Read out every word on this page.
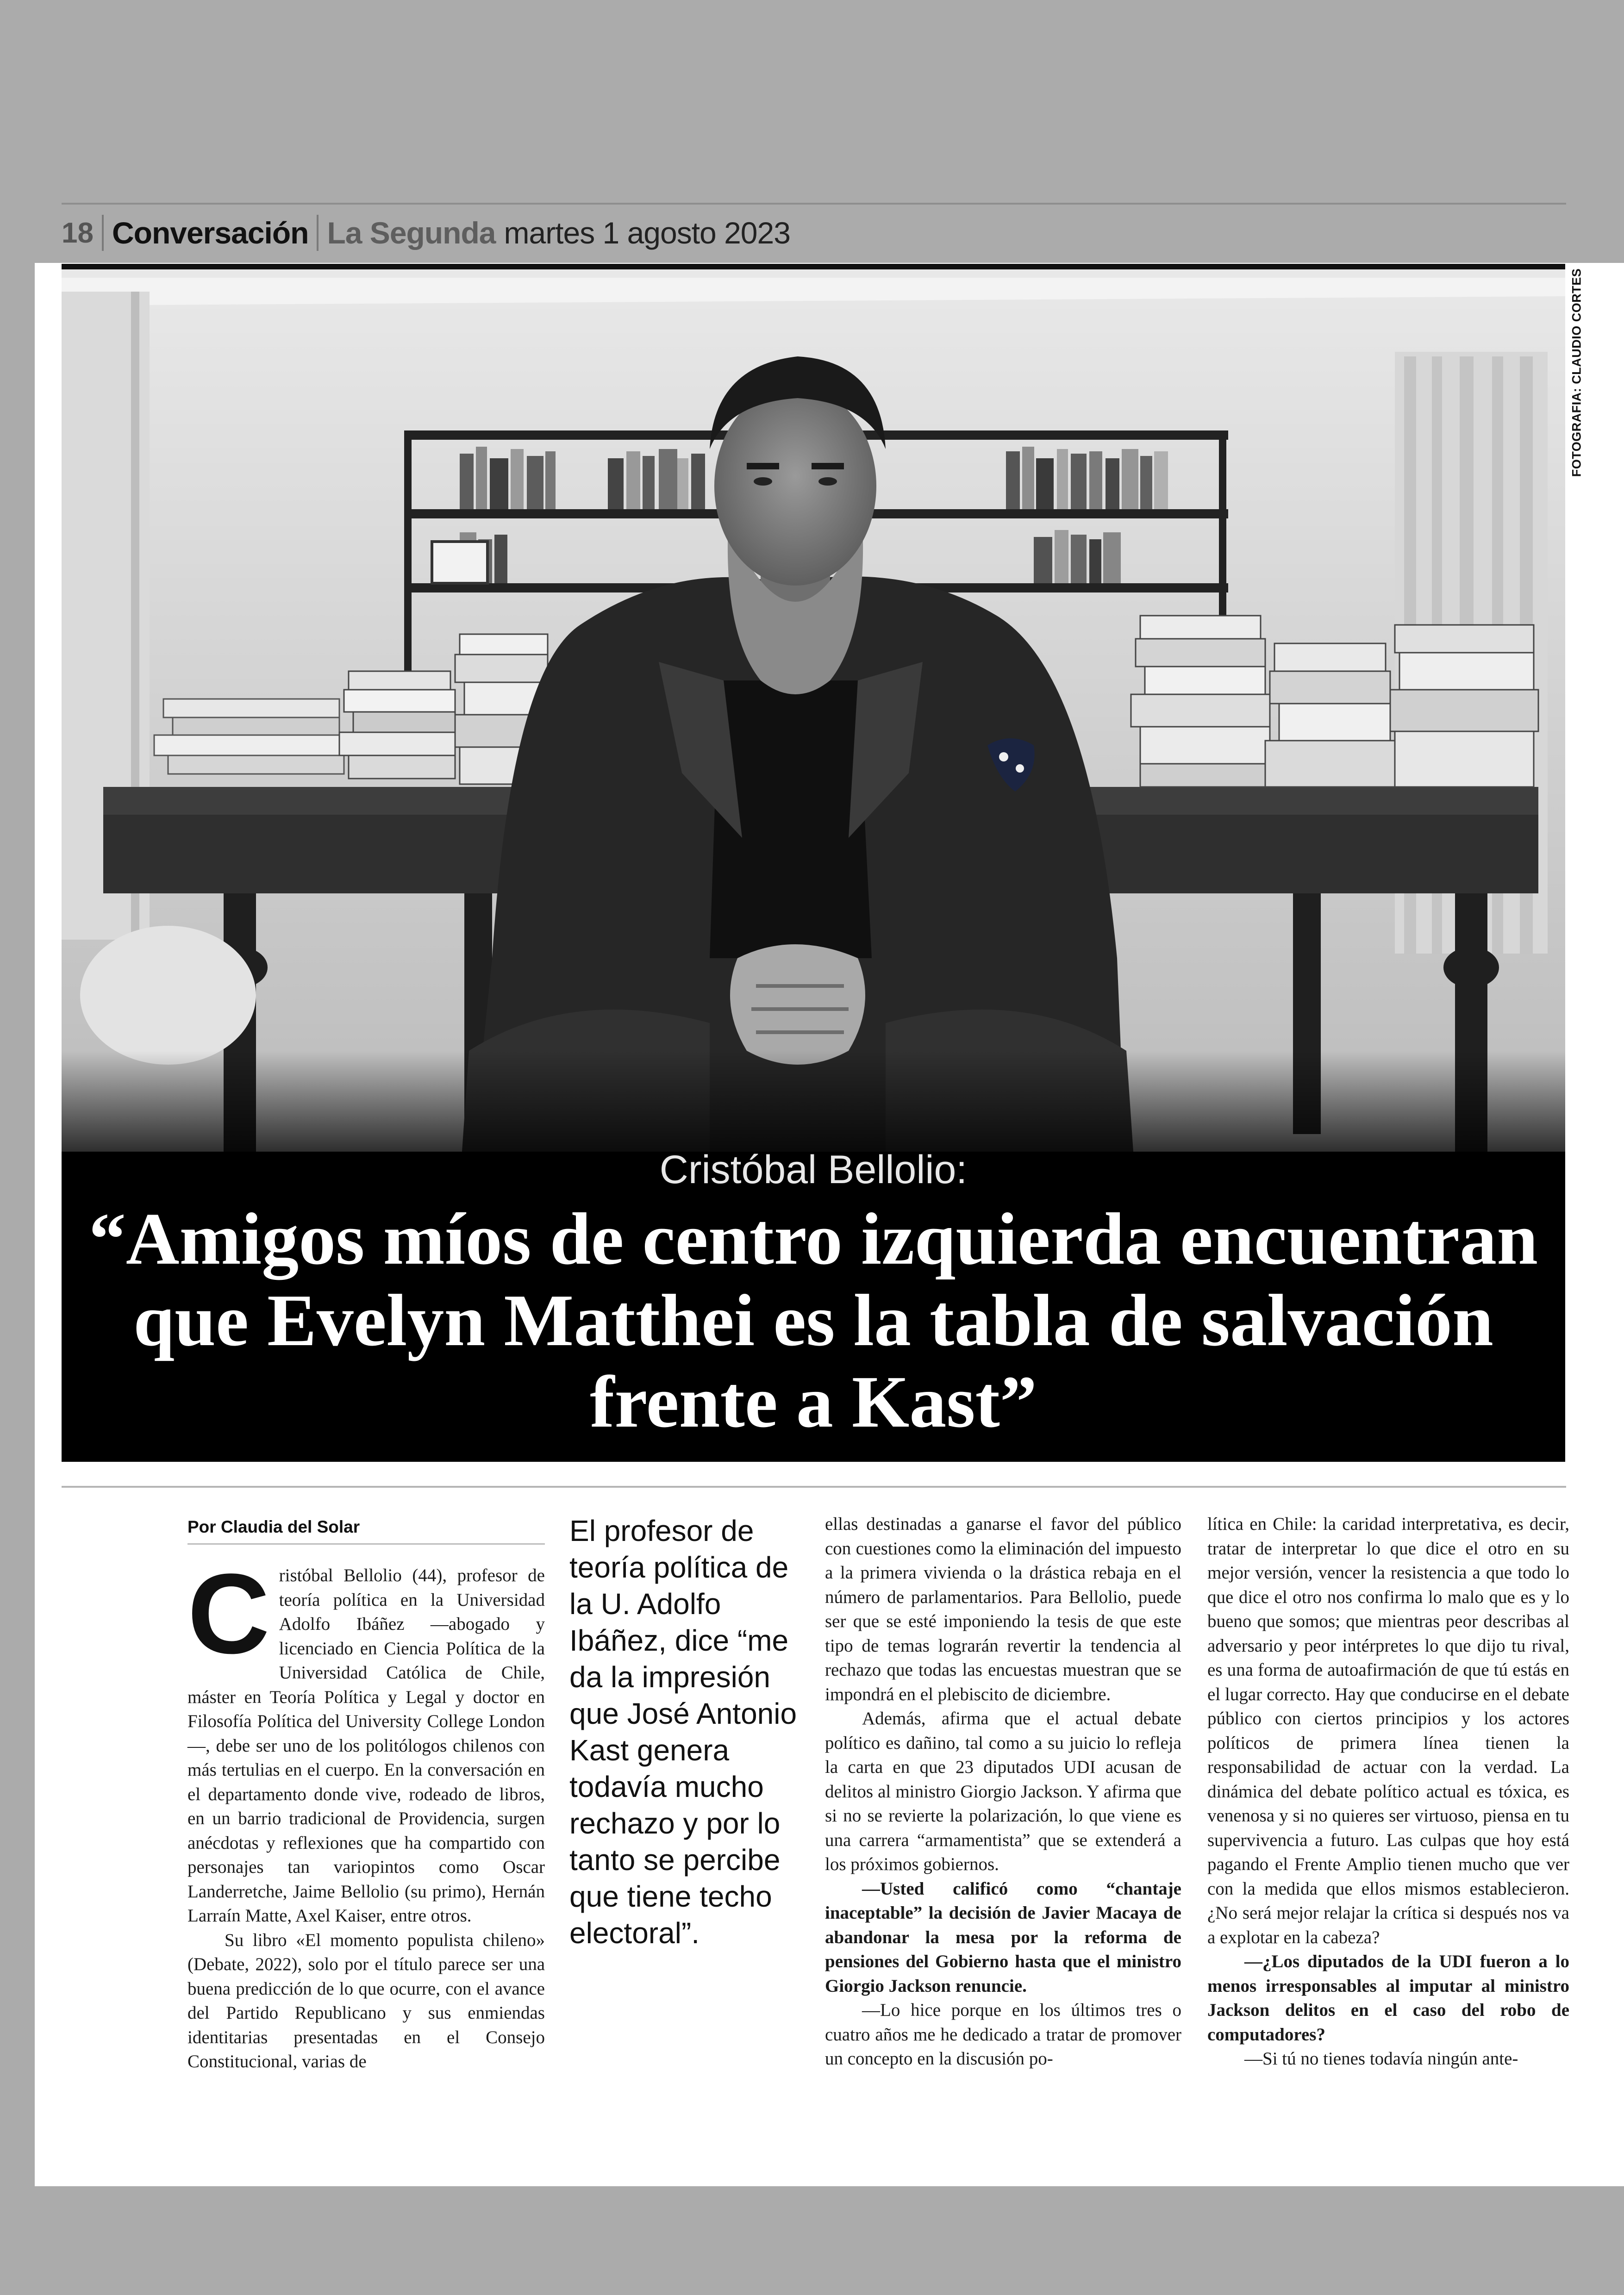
18 Conversación La Segunda martes 1 agosto 2023
FOTOGRAFIA: CLAUDIO CORTES
Cristóbal Bellolio:
“Amigos míos de centro izquierda encuentran que Evelyn Matthei es la tabla de salvación frente a Kast”
Por Claudia del Solar

Cristóbal Bellolio (44), profesor de teoría política en la Universidad Adolfo Ibáñez —abogado y licenciado en Ciencia Política de la Universidad Católica de Chile, máster en Teoría Política y Legal y doctor en Filosofía Política del University College London—, debe ser uno de los politólogos chilenos con más tertulias en el cuerpo. En la conversación en el departamento donde vive, rodeado de libros, en un barrio tradicional de Providencia, surgen anécdotas y reflexiones que ha compartido con personajes tan variopintos como Oscar Landerretche, Jaime Bellolio (su primo), Hernán Larraín Matte, Axel Kaiser, entre otros.

Su libro «El momento populista chileno» (Debate, 2022), solo por el título parece ser una buena predicción de lo que ocurre, con el avance del Partido Republicano y sus enmiendas identitarias presentadas en el Consejo Constitucional, varias de

El profesor de teoría política de la U. Adolfo Ibáñez, dice “me da la impresión que José Antonio Kast genera todavía mucho rechazo y por lo tanto se percibe que tiene techo electoral”.

ellas destinadas a ganarse el favor del público con cuestiones como la eliminación del impuesto a la primera vivienda o la drástica rebaja en el número de parlamentarios. Para Bellolio, puede ser que se esté imponiendo la tesis de que este tipo de temas lograrán revertir la tendencia al rechazo que todas las encuestas muestran que se impondrá en el plebiscito de diciembre.

Además, afirma que el actual debate político es dañino, tal como a su juicio lo refleja la carta en que 23 diputados UDI acusan de delitos al ministro Giorgio Jackson. Y afirma que si no se revierte la polarización, lo que viene es una carrera “armamentista” que se extenderá a los próximos gobiernos.

—Usted calificó como “chantaje inaceptable” la decisión de Javier Macaya de abandonar la mesa por la reforma de pensiones del Gobierno hasta que el ministro Giorgio Jackson renuncie.

—Lo hice porque en los últimos tres o cuatro años me he dedicado a tratar de promover un concepto en la discusión po-

lítica en Chile: la caridad interpretativa, es decir, tratar de interpretar lo que dice el otro en su mejor versión, vencer la resistencia a que todo lo que dice el otro nos confirma lo malo que es y lo bueno que somos; que mientras peor describas al adversario y peor intérpretes lo que dijo tu rival, es una forma de autoafirmación de que tú estás en el lugar correcto. Hay que conducirse en el debate público con ciertos principios y los actores políticos de primera línea tienen la responsabilidad de actuar con la verdad. La dinámica del debate político actual es tóxica, es venenosa y si no quieres ser virtuoso, piensa en tu supervivencia a futuro. Las culpas que hoy está pagando el Frente Amplio tienen mucho que ver con la medida que ellos mismos establecieron. ¿No será mejor relajar la crítica si después nos va a explotar en la cabeza?

—¿Los diputados de la UDI fueron a lo menos irresponsables al imputar al ministro Jackson delitos en el caso del robo de computadores?

—Si tú no tienes todavía ningún ante-
